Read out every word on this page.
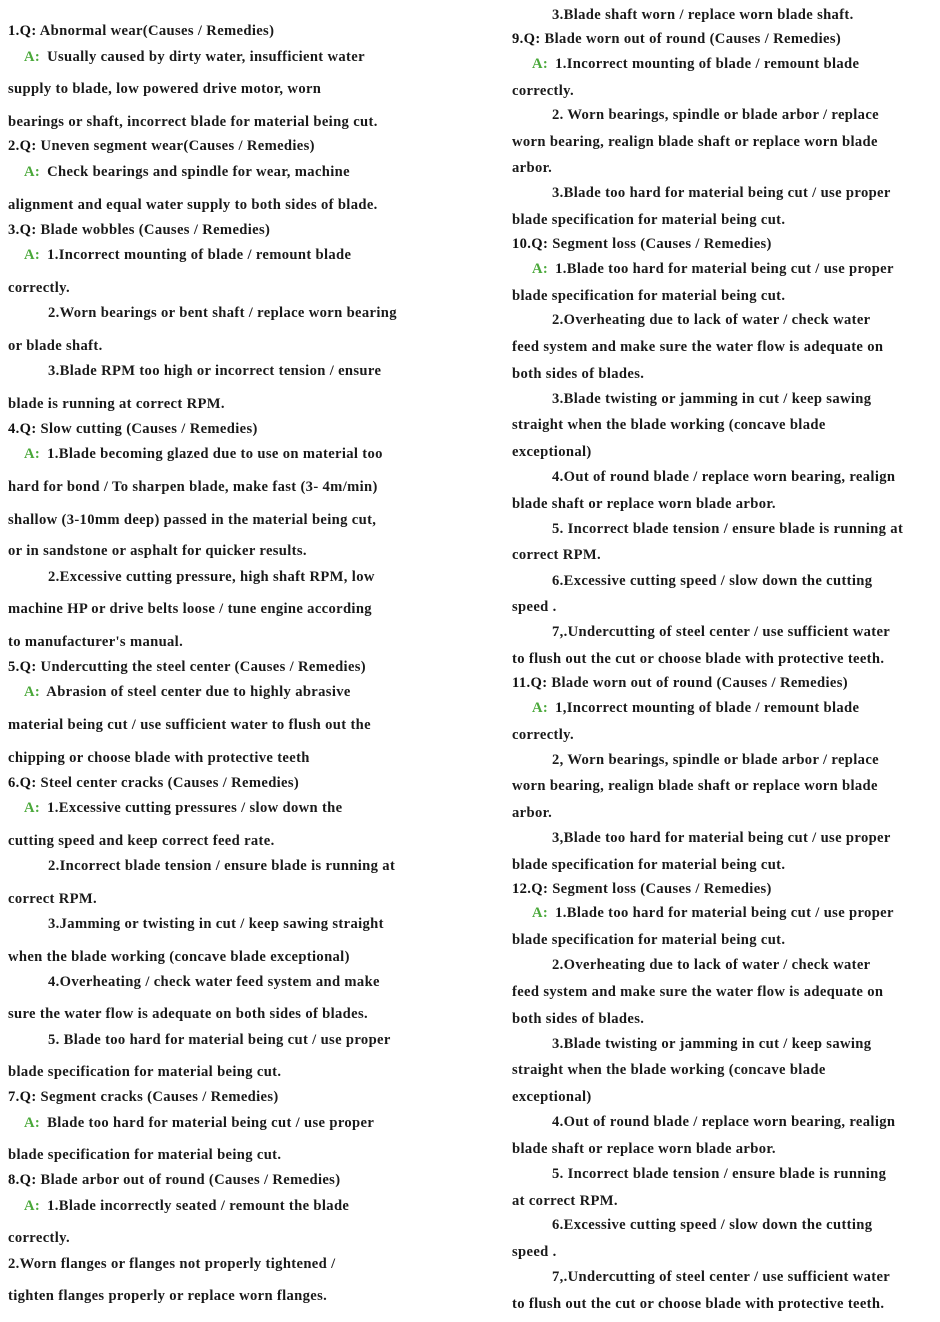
1.Q: Abnormal wear(Causes / Remedies)
A: Usually caused by dirty water, insufficient water
supply to blade, low powered drive motor, worn
bearings or shaft, incorrect blade for material being cut.
2.Q: Uneven segment wear(Causes / Remedies)
A: Check bearings and spindle for wear, machine
alignment and equal water supply to both sides of blade.
3.Q: Blade wobbles (Causes / Remedies)
A: 1.Incorrect mounting of blade / remount blade
correctly.
2.Worn bearings or bent shaft / replace worn bearing
or blade shaft.
3.Blade RPM too high or incorrect tension / ensure
blade is running at correct RPM.
4.Q: Slow cutting (Causes / Remedies)
A: 1.Blade becoming glazed due to use on material too
hard for bond / To sharpen blade, make fast (3- 4m/min)
shallow (3-10mm deep) passed in the material being cut,
or in sandstone or asphalt for quicker results.
2.Excessive cutting pressure, high shaft RPM, low
machine HP or drive belts loose / tune engine according
to manufacturer's manual.
5.Q: Undercutting the steel center (Causes / Remedies)
A: Abrasion of steel center due to highly abrasive
material being cut / use sufficient water to flush out the
chipping or choose blade with protective teeth
6.Q: Steel center cracks (Causes / Remedies)
A: 1.Excessive cutting pressures / slow down the
cutting speed and keep correct feed rate.
2.Incorrect blade tension / ensure blade is running at
correct RPM.
3.Jamming or twisting in cut / keep sawing straight
when the blade working (concave blade exceptional)
4.Overheating / check water feed system and make
sure the water flow is adequate on both sides of blades.
5. Blade too hard for material being cut / use proper
blade specification for material being cut.
7.Q: Segment cracks (Causes / Remedies)
A: Blade too hard for material being cut / use proper
blade specification for material being cut.
8.Q: Blade arbor out of round (Causes / Remedies)
A: 1.Blade incorrectly seated / remount the blade
correctly.
2.Worn flanges or flanges not properly tightened /
tighten flanges properly or replace worn flanges.
3.Blade shaft worn / replace worn blade shaft.
9.Q: Blade worn out of round (Causes / Remedies)
A: 1.Incorrect mounting of blade / remount blade
correctly.
2. Worn bearings, spindle or blade arbor / replace
worn bearing, realign blade shaft or replace worn blade
arbor.
3.Blade too hard for material being cut / use proper
blade specification for material being cut.
10.Q: Segment loss (Causes / Remedies)
A: 1.Blade too hard for material being cut / use proper
blade specification for material being cut.
2.Overheating due to lack of water / check water
feed system and make sure the water flow is adequate on
both sides of blades.
3.Blade twisting or jamming in cut / keep sawing
straight when the blade working (concave blade
exceptional)
4.Out of round blade / replace worn bearing, realign
blade shaft or replace worn blade arbor.
5. Incorrect blade tension / ensure blade is running at
correct RPM.
6.Excessive cutting speed / slow down the cutting
speed .
7,.Undercutting of steel center / use sufficient water
to flush out the cut or choose blade with protective teeth.
11.Q: Blade worn out of round (Causes / Remedies)
A: 1,Incorrect mounting of blade / remount blade
correctly.
2, Worn bearings, spindle or blade arbor / replace
worn bearing, realign blade shaft or replace worn blade
arbor.
3,Blade too hard for material being cut / use proper
blade specification for material being cut.
12.Q: Segment loss (Causes / Remedies)
A: 1.Blade too hard for material being cut / use proper
blade specification for material being cut.
2.Overheating due to lack of water / check water
feed system and make sure the water flow is adequate on
both sides of blades.
3.Blade twisting or jamming in cut / keep sawing
straight when the blade working (concave blade
exceptional)
4.Out of round blade / replace worn bearing, realign
blade shaft or replace worn blade arbor.
5. Incorrect blade tension / ensure blade is running
at correct RPM.
6.Excessive cutting speed / slow down the cutting
speed .
7,.Undercutting of steel center / use sufficient water
to flush out the cut or choose blade with protective teeth.
